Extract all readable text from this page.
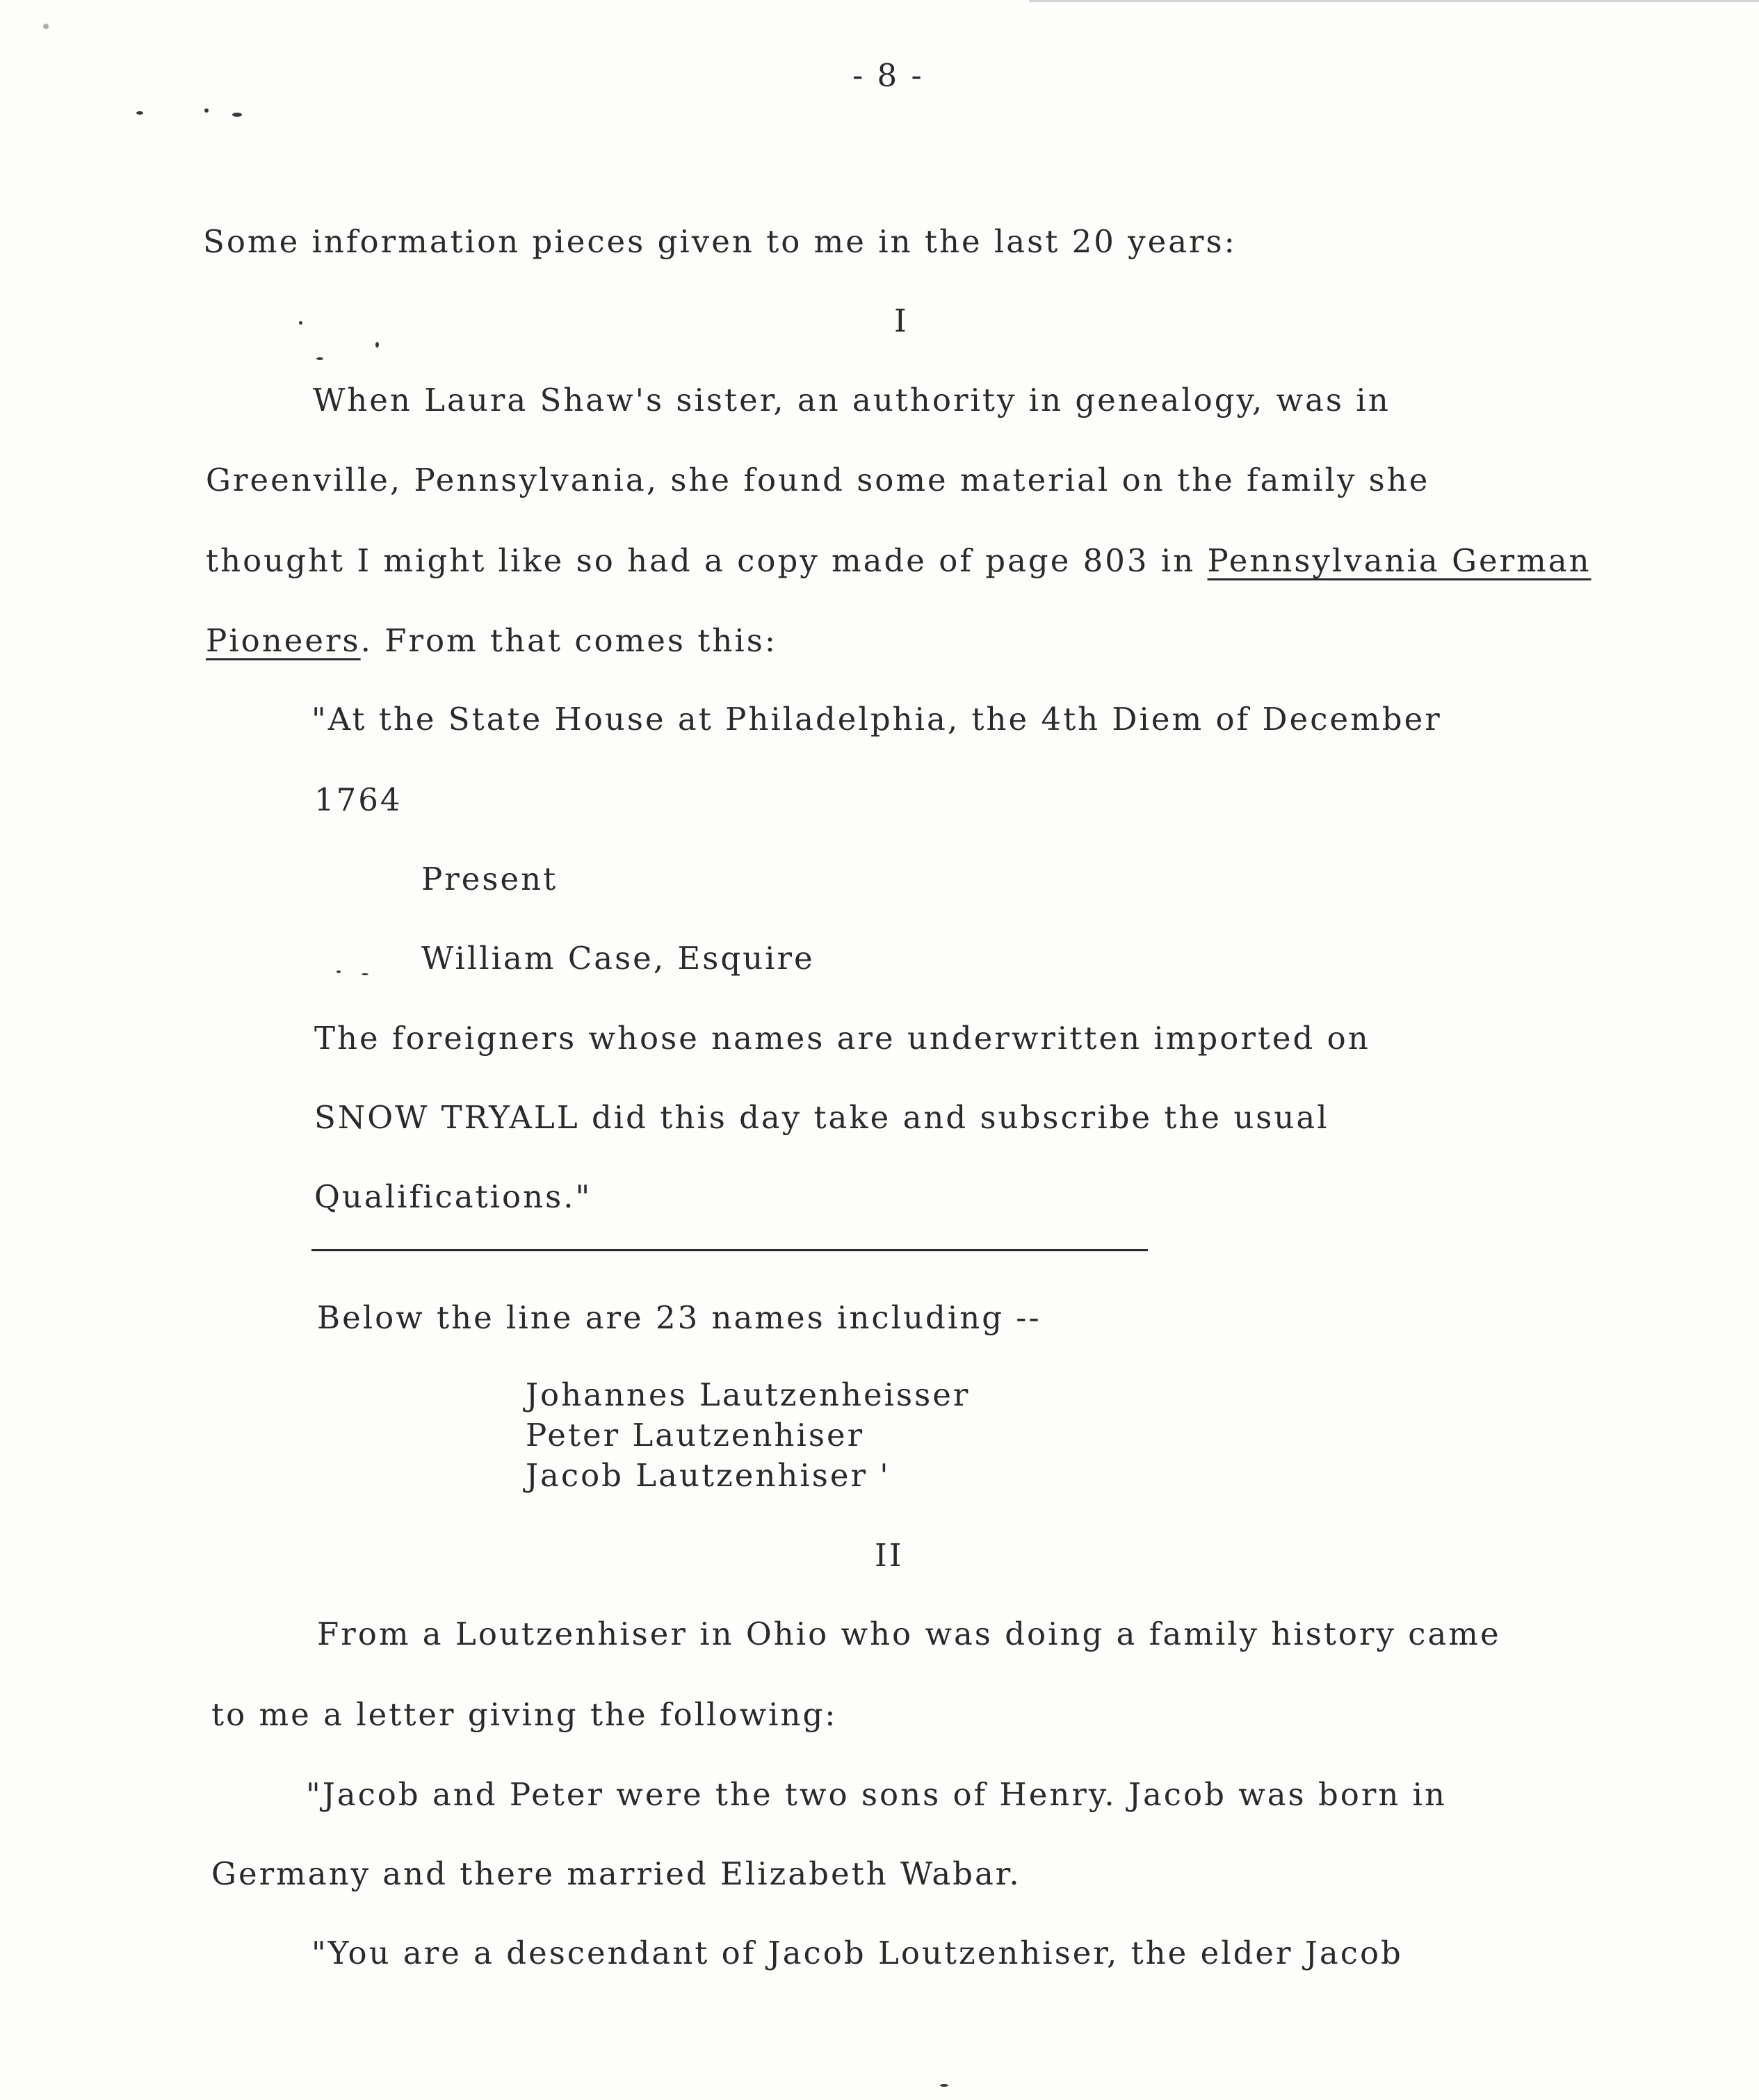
- 8 -
Some information pieces given to me in the last 20 years:
I
When Laura Shaw's sister, an authority in genealogy, was in
Greenville, Pennsylvania, she found some material on the family she
thought I might like so had a copy made of page 803 in Pennsylvania German
Pioneers. From that comes this:
"At the State House at Philadelphia, the 4th Diem of December
1764
Present
William Case, Esquire
The foreigners whose names are underwritten imported on
SNOW TRYALL did this day take and subscribe the usual
Qualifications."
Below the line are 23 names including --
Johannes Lautzenheisser
Peter Lautzenhiser
Jacob Lautzenhiser '
II
From a Loutzenhiser in Ohio who was doing a family history came
to me a letter giving the following:
"Jacob and Peter were the two sons of Henry. Jacob was born in
Germany and there married Elizabeth Wabar.
"You are a descendant of Jacob Loutzenhiser, the elder Jacob
